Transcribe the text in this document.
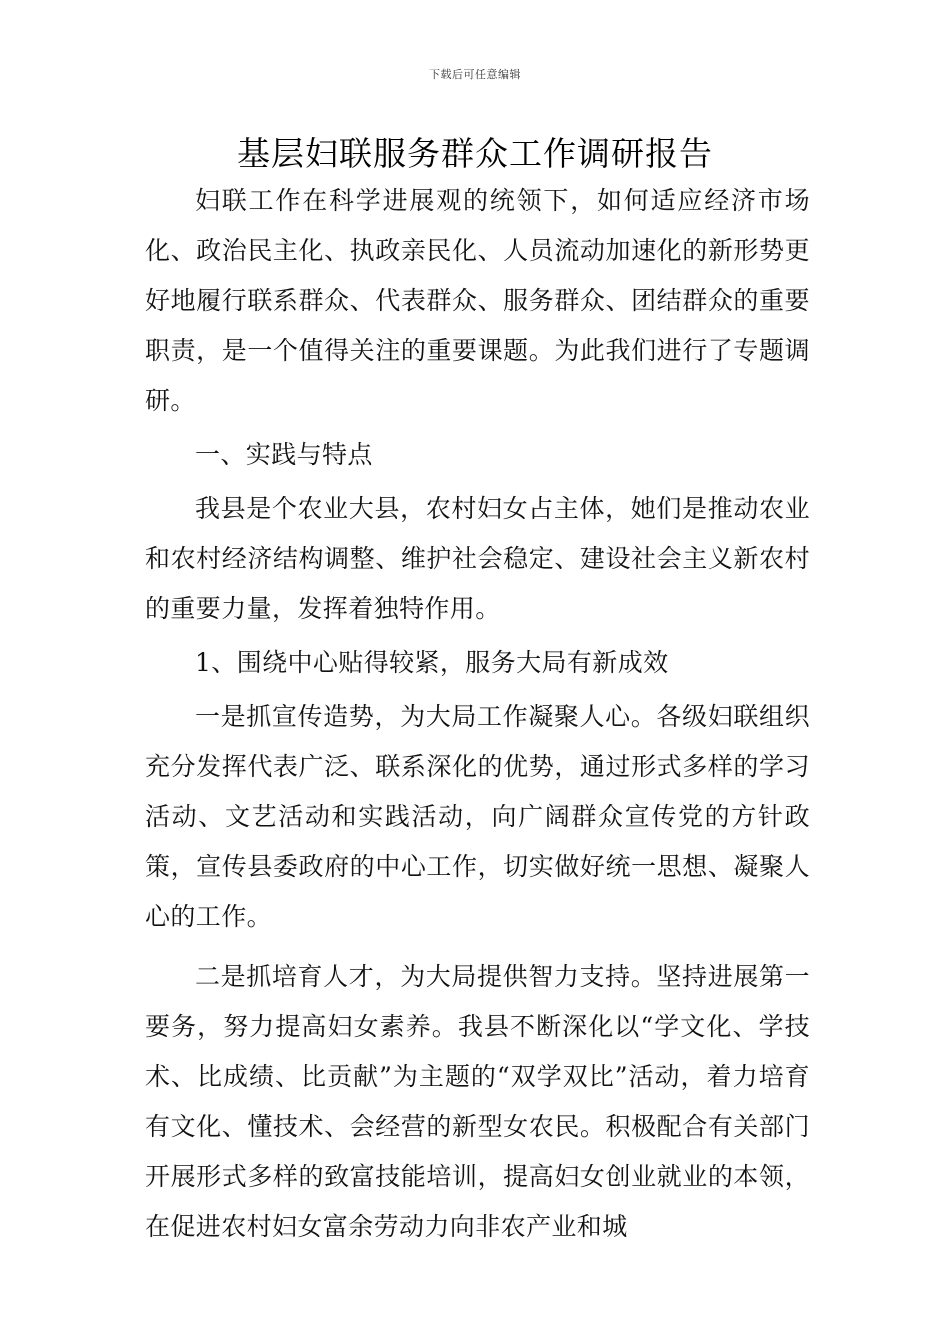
下载后可任意编辑
基层妇联服务群众工作调研报告

妇联工作在科学进展观的统领下，如何适应经济市场化、政治民主化、执政亲民化、人员流动加速化的新形势更好地履行联系群众、代表群众、服务群众、团结群众的重要职责，是一个值得关注的重要课题。为此我们进行了专题调研。

一、实践与特点

我县是个农业大县，农村妇女占主体，她们是推动农业和农村经济结构调整、维护社会稳定、建设社会主义新农村的重要力量，发挥着独特作用。

1、围绕中心贴得较紧，服务大局有新成效

一是抓宣传造势，为大局工作凝聚人心。各级妇联组织充分发挥代表广泛、联系深化的优势，通过形式多样的学习活动、文艺活动和实践活动，向广阔群众宣传党的方针政策，宣传县委政府的中心工作，切实做好统一思想、凝聚人心的工作。

二是抓培育人才，为大局提供智力支持。坚持进展第一要务，努力提高妇女素养。我县不断深化以“学文化、学技术、比成绩、比贡献”为主题的“双学双比”活动，着力培育有文化、懂技术、会经营的新型女农民。积极配合有关部门开展形式多样的致富技能培训，提高妇女创业就业的本领，在促进农村妇女富余劳动力向非农产业和城
